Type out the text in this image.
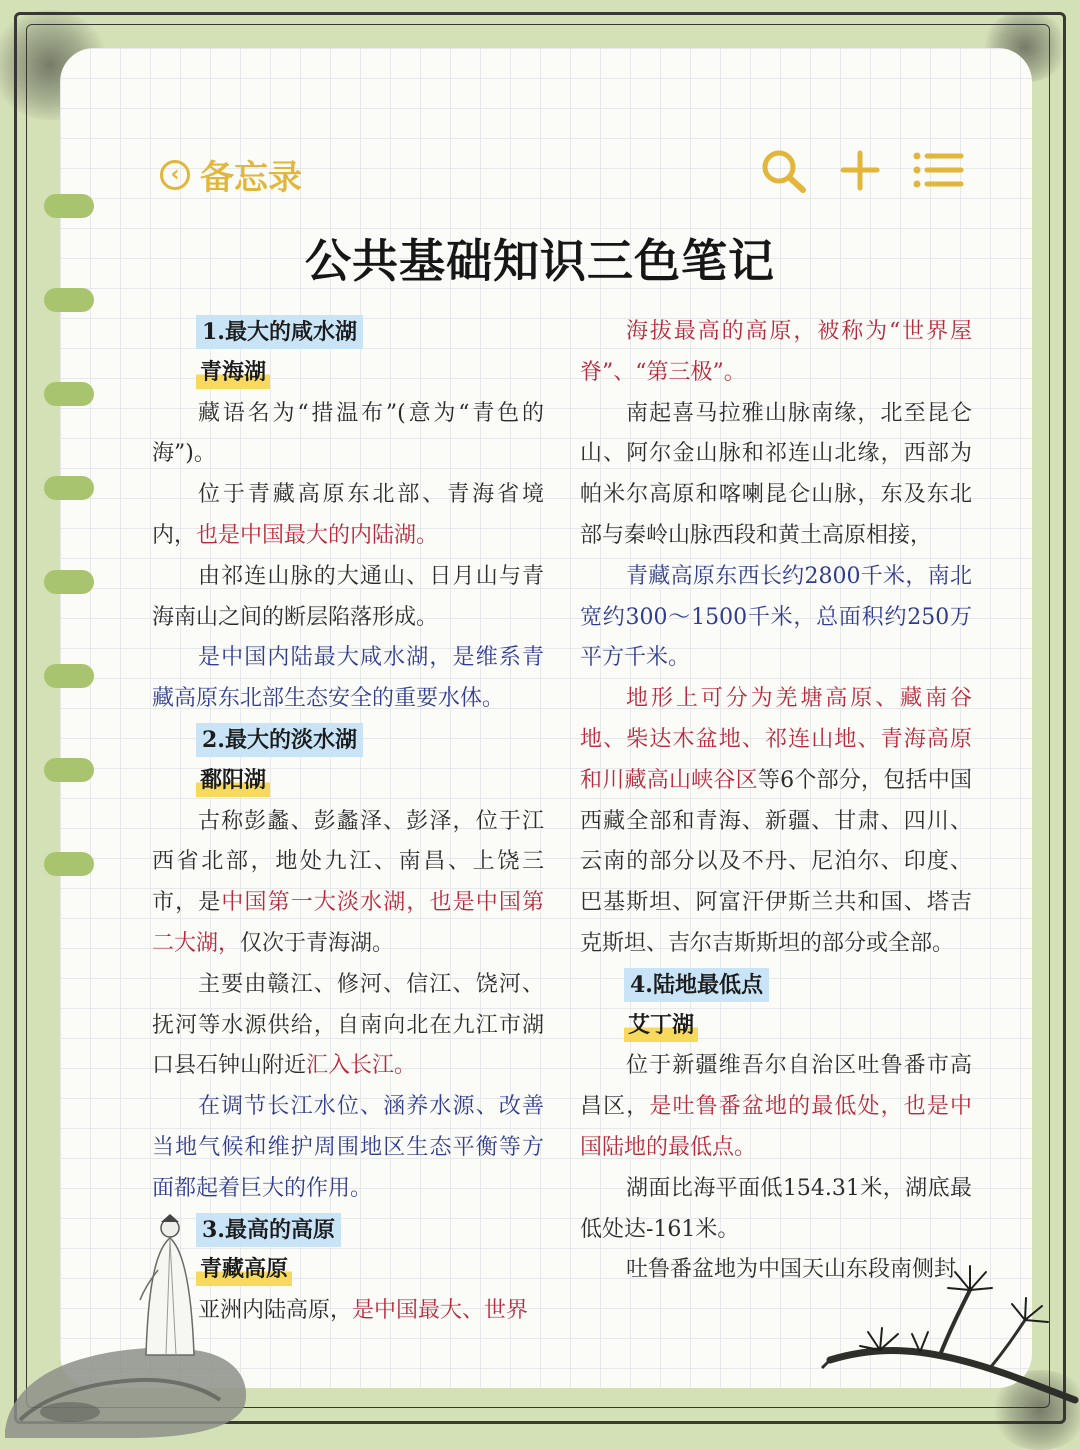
‹ 备忘录
公共基础知识三色笔记
1.最大的咸水湖
青海湖

藏语名为“措温布”(意为“青色的海”)。

位于青藏高原东北部、青海省境内，也是中国最大的内陆湖。

由祁连山脉的大通山、日月山与青海南山之间的断层陷落形成。

是中国内陆最大咸水湖，是维系青藏高原东北部生态安全的重要水体。

2.最大的淡水湖
鄱阳湖

古称彭蠡、彭蠡泽、彭泽，位于江西省北部，地处九江、南昌、上饶三市，是中国第一大淡水湖，也是中国第二大湖，仅次于青海湖。

主要由赣江、修河、信江、饶河、抚河等水源供给，自南向北在九江市湖口县石钟山附近汇入长江。

在调节长江水位、涵养水源、改善当地气候和维护周围地区生态平衡等方面都起着巨大的作用。

3.最高的高原
青藏高原

亚洲内陆高原，是中国最大、世界

海拔最高的高原，被称为“世界屋脊”、“第三极”。

南起喜马拉雅山脉南缘，北至昆仑山、阿尔金山脉和祁连山北缘，西部为帕米尔高原和喀喇昆仑山脉，东及东北部与秦岭山脉西段和黄土高原相接，

青藏高原东西长约2800千米，南北宽约300～1500千米，总面积约250万平方千米。

地形上可分为羌塘高原、藏南谷地、柴达木盆地、祁连山地、青海高原和川藏高山峡谷区等6个部分，包括中国西藏全部和青海、新疆、甘肃、四川、云南的部分以及不丹、尼泊尔、印度、巴基斯坦、阿富汗伊斯兰共和国、塔吉克斯坦、吉尔吉斯斯坦的部分或全部。

4.陆地最低点
艾丁湖

位于新疆维吾尔自治区吐鲁番市高昌区，是吐鲁番盆地的最低处，也是中国陆地的最低点。

湖面比海平面低154.31米，湖底最低处达-161米。

吐鲁番盆地为中国天山东段南侧封
